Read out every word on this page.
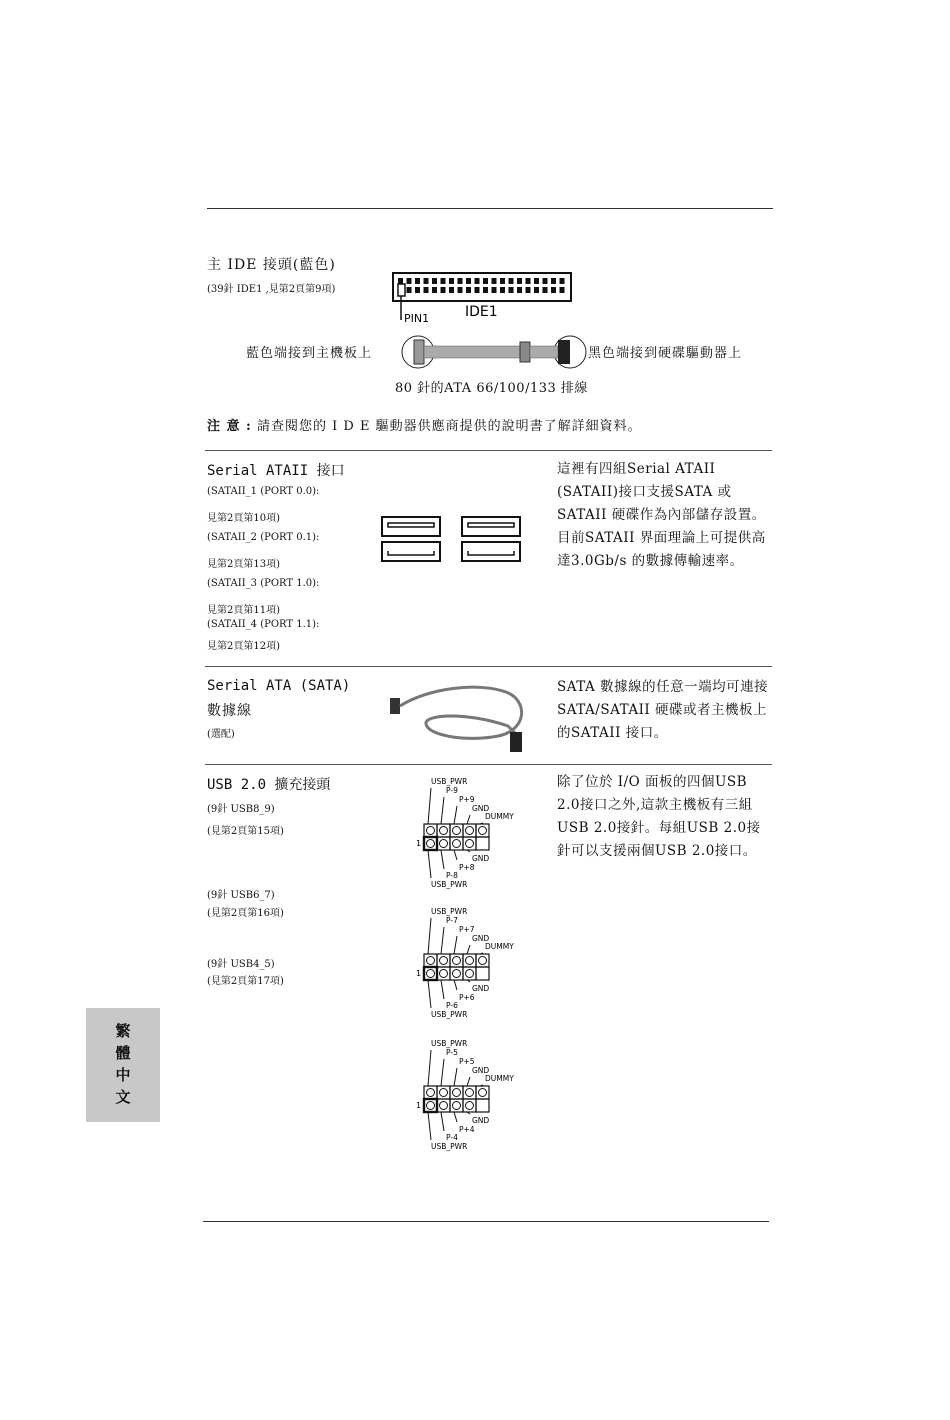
主 IDE 接頭(藍色)
(39針 IDE1 ,見第2頁第9項)
PIN1	IDE1
藍色端接到主機板上	黑色端接到硬碟驅動器上
80 針的ATA 66/100/133 排線
注 意 : 請查閱您的 I D E 驅動器供應商提供的說明書了解詳細資料。
Serial ATAII 接口
(SATAII_1 (PORT 0.0):
見第2頁第10項)
(SATAII_2 (PORT 0.1):
見第2頁第13項)
(SATAII_3 (PORT 1.0):
見第2頁第11項)
(SATAII_4 (PORT 1.1):
見第2頁第12項)
這裡有四組Serial ATAII (SATAII)接口支援SATA 或 SATAII 硬碟作為內部儲存設置。目前SATAII 界面理論上可提供高達3.0Gb/s 的數據傳輸速率。
Serial ATA (SATA)
數據線
(選配)
SATA 數據線的任意一端均可連接SATA/SATAII 硬碟或者主機板上的SATAII 接口。
USB 2.0 擴充接頭
(9針 USB8_9)
(見第2頁第15項)
(9針 USB6_7)
(見第2頁第16項)
(9針 USB4_5)
(見第2頁第17項)
USB_PWR
P-9
P+9
GND
DUMMY
1
GND
P+8
P-8
USB_PWR
USB_PWR
P-7
P+7
GND
DUMMY
1
GND
P+6
P-6
USB_PWR
USB_PWR
P-5
P+5
GND
DUMMY
1
GND
P+4
P-4
USB_PWR
除了位於 I/O 面板的四個USB 2.0接口之外,這款主機板有三組USB 2.0接針。每組USB 2.0接針可以支援兩個USB 2.0接口。
繁
體
中
文
